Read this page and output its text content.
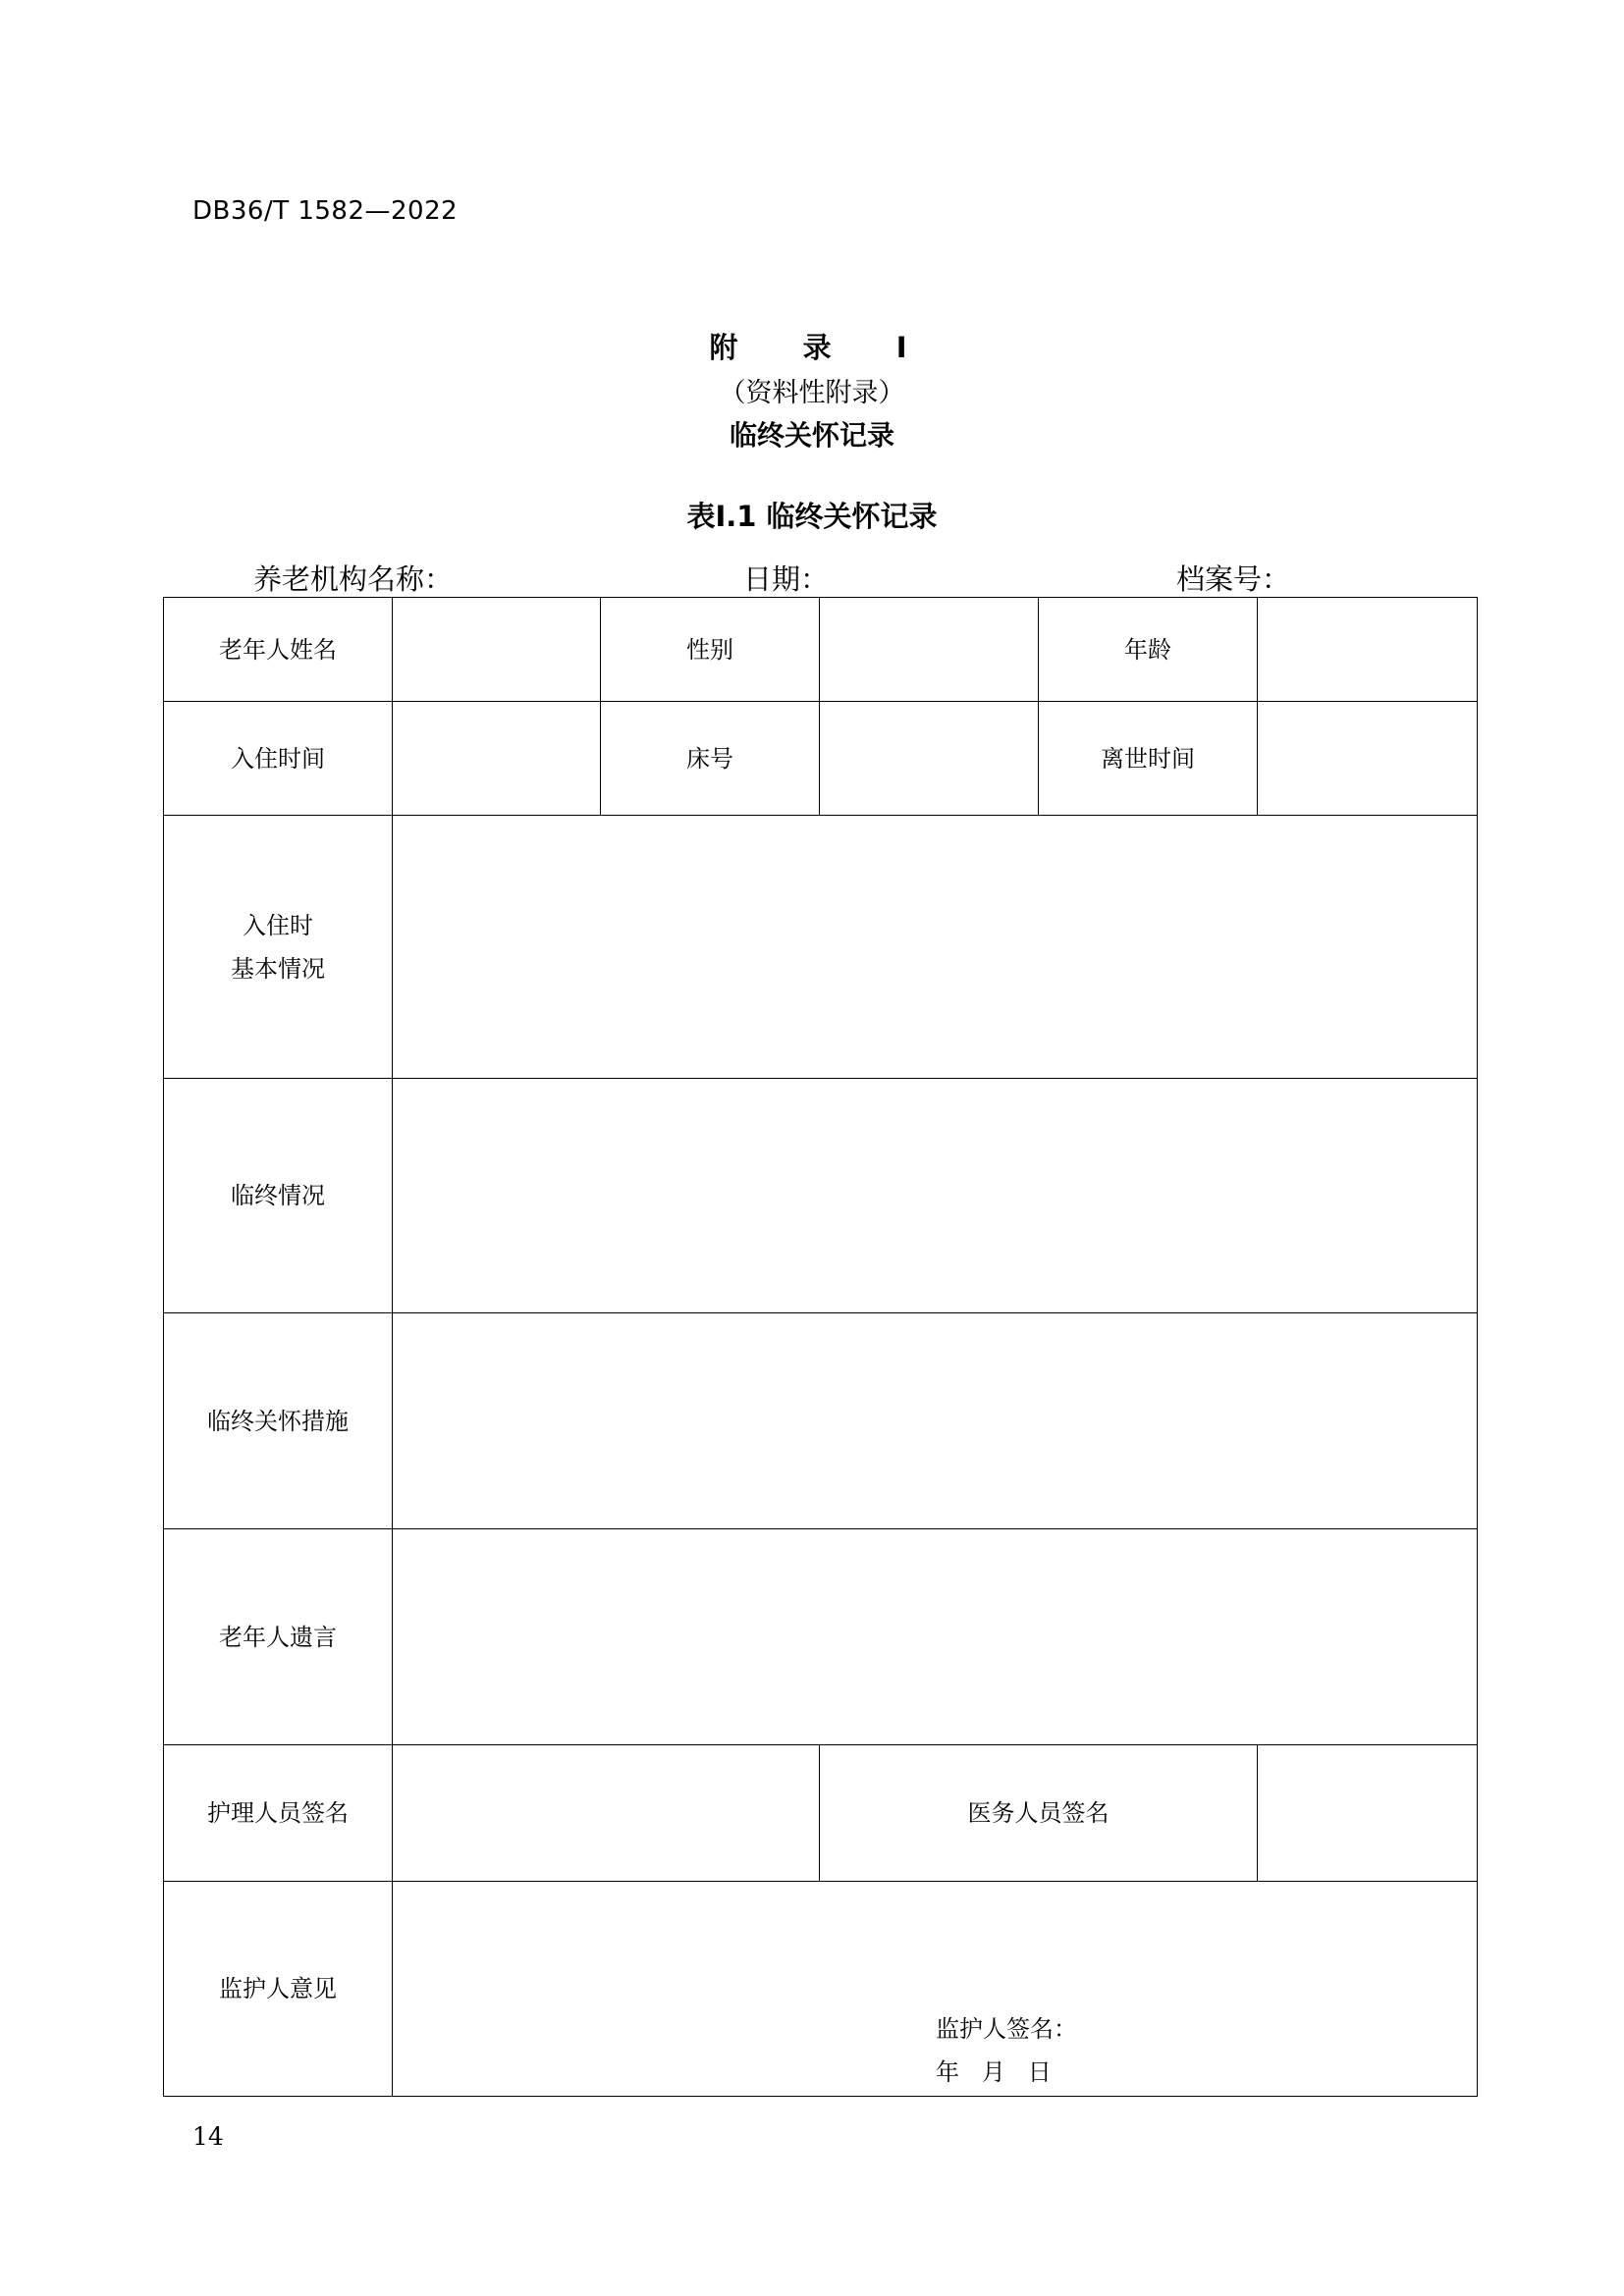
DB36/T 1582—2022
附 录 I
（资料性附录）
临终关怀记录
表I.1 临终关怀记录
养老机构名称：	日期：	档案号：
老年人姓名		性别		年龄	
入住时间		床号		离世时间	

入住时
基本情况					

临终情况					
临终关怀措施					
老年人遗言					
护理人员签名			医务人员签名		
监护人意见	监护人签名：
年   月   日				
14
